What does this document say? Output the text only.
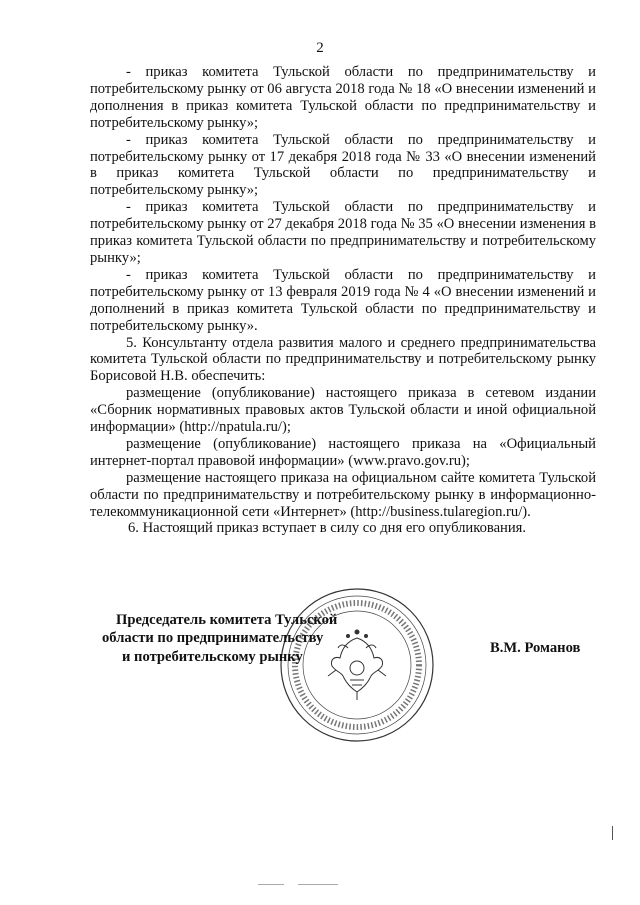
2

- приказ комитета Тульской области по предпринимательству и потребительскому рынку от 06 августа 2018 года № 18 «О внесении изменений и дополнения в приказ комитета Тульской области по предпринимательству и потребительскому рынку»;

- приказ комитета Тульской области по предпринимательству и потребительскому рынку от 17 декабря 2018 года № 33 «О внесении изменений в приказ комитета Тульской области по предпринимательству и потребительскому рынку»;

- приказ комитета Тульской области по предпринимательству и потребительскому рынку от 27 декабря 2018 года № 35 «О внесении изменения в приказ комитета Тульской области по предпринимательству и потребительскому рынку»;

- приказ комитета Тульской области по предпринимательству и потребительскому рынку от 13 февраля 2019 года № 4 «О внесении изменений и дополнений в приказ комитета Тульской области по предпринимательству и потребительскому рынку».

5. Консультанту отдела развития малого и среднего предпринимательства комитета Тульской области по предпринимательству и потребительскому рынку Борисовой Н.В. обеспечить:

размещение (опубликование) настоящего приказа в сетевом издании «Сборник нормативных правовых актов Тульской области и иной официальной информации» (http://npatula.ru/);

размещение (опубликование) настоящего приказа на «Официальный интернет-портал правовой информации» (www.pravo.gov.ru);

размещение настоящего приказа на официальном сайте комитета Тульской области по предпринимательству и потребительскому рынку в информационно-телекоммуникационной сети «Интернет» (http://business.tularegion.ru/).

6. Настоящий приказ вступает в силу со дня его опубликования.

Председатель комитета Тульской
области по предпринимательству
и потребительскому рынку
В.М. Романов
